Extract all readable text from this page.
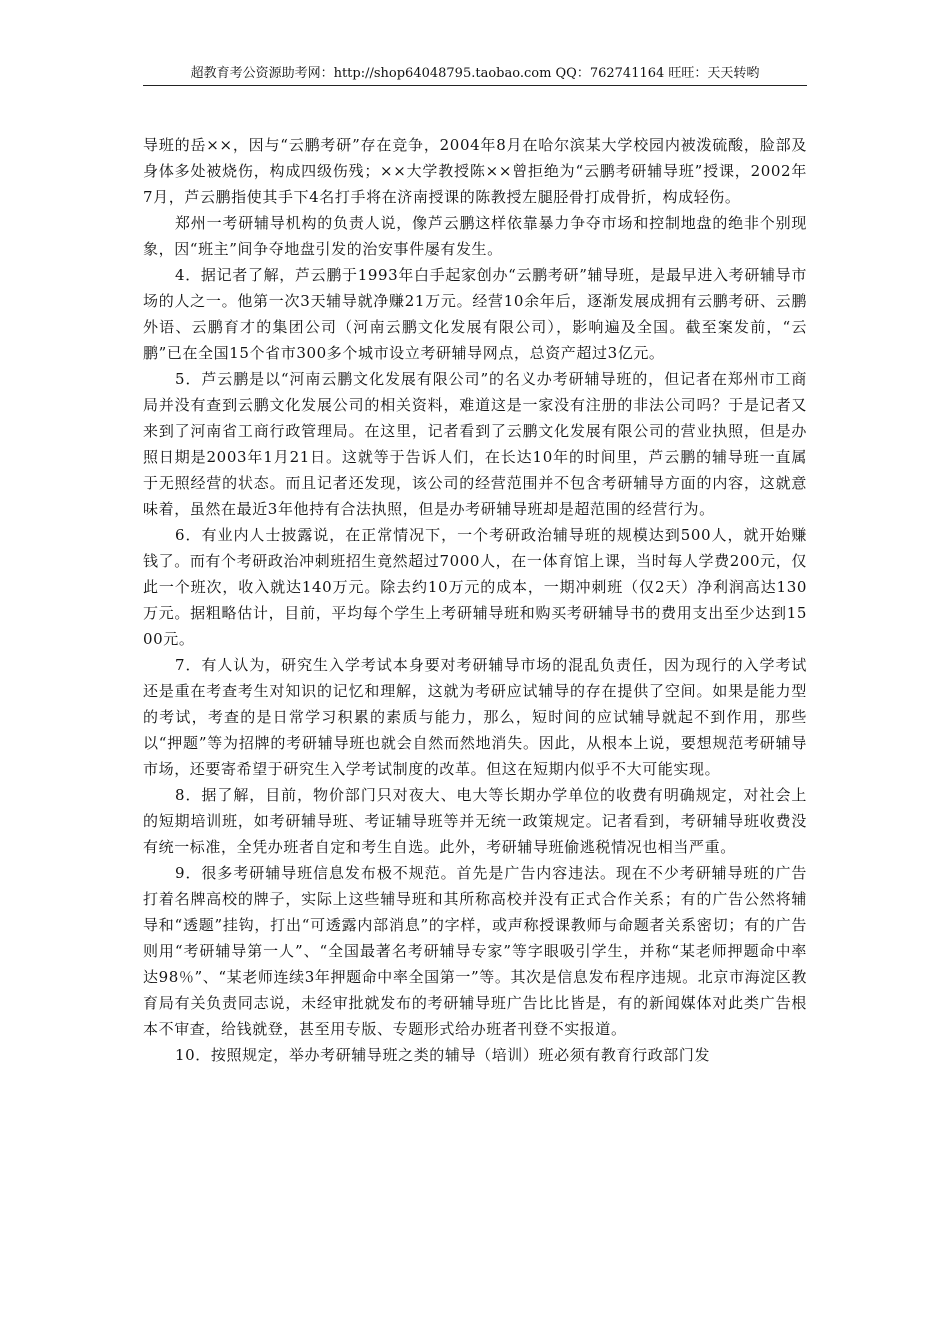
超教育考公资源助考网：http://shop64048795.taobao.com QQ：762741164 旺旺：天天转哟

导班的岳××，因与“云鹏考研”存在竞争，2004年8月在哈尔滨某大学校园内被泼硫酸，脸部及身体多处被烧伤，构成四级伤残；××大学教授陈××曾拒绝为“云鹏考研辅导班”授课，2002年7月，芦云鹏指使其手下4名打手将在济南授课的陈教授左腿胫骨打成骨折，构成轻伤。

郑州一考研辅导机构的负责人说，像芦云鹏这样依靠暴力争夺市场和控制地盘的绝非个别现象，因“班主”间争夺地盘引发的治安事件屡有发生。

4．据记者了解，芦云鹏于1993年白手起家创办“云鹏考研”辅导班，是最早进入考研辅导市场的人之一。他第一次3天辅导就净赚21万元。经营10余年后，逐渐发展成拥有云鹏考研、云鹏外语、云鹏育才的集团公司（河南云鹏文化发展有限公司），影响遍及全国。截至案发前，“云鹏”已在全国15个省市300多个城市设立考研辅导网点，总资产超过3亿元。

5．芦云鹏是以“河南云鹏文化发展有限公司”的名义办考研辅导班的，但记者在郑州市工商局并没有查到云鹏文化发展公司的相关资料，难道这是一家没有注册的非法公司吗？于是记者又来到了河南省工商行政管理局。在这里，记者看到了云鹏文化发展有限公司的营业执照，但是办照日期是2003年1月21日。这就等于告诉人们，在长达10年的时间里，芦云鹏的辅导班一直属于无照经营的状态。而且记者还发现，该公司的经营范围并不包含考研辅导方面的内容，这就意味着，虽然在最近3年他持有合法执照，但是办考研辅导班却是超范围的经营行为。

6．有业内人士披露说，在正常情况下，一个考研政治辅导班的规模达到500人，就开始赚钱了。而有个考研政治冲刺班招生竟然超过7000人，在一体育馆上课，当时每人学费200元，仅此一个班次，收入就达140万元。除去约10万元的成本，一期冲刺班（仅2天）净利润高达130万元。据粗略估计，目前，平均每个学生上考研辅导班和购买考研辅导书的费用支出至少达到1500元。

7．有人认为，研究生入学考试本身要对考研辅导市场的混乱负责任，因为现行的入学考试还是重在考查考生对知识的记忆和理解，这就为考研应试辅导的存在提供了空间。如果是能力型的考试，考查的是日常学习积累的素质与能力，那么，短时间的应试辅导就起不到作用，那些以“押题”等为招牌的考研辅导班也就会自然而然地消失。因此，从根本上说，要想规范考研辅导市场，还要寄希望于研究生入学考试制度的改革。但这在短期内似乎不大可能实现。

8．据了解，目前，物价部门只对夜大、电大等长期办学单位的收费有明确规定，对社会上的短期培训班，如考研辅导班、考证辅导班等并无统一政策规定。记者看到，考研辅导班收费没有统一标准，全凭办班者自定和考生自选。此外，考研辅导班偷逃税情况也相当严重。

9．很多考研辅导班信息发布极不规范。首先是广告内容违法。现在不少考研辅导班的广告打着名牌高校的牌子，实际上这些辅导班和其所称高校并没有正式合作关系；有的广告公然将辅导和“透题”挂钩，打出“可透露内部消息”的字样，或声称授课教师与命题者关系密切；有的广告则用“考研辅导第一人”、“全国最著名考研辅导专家”等字眼吸引学生，并称“某老师押题命中率达98％”、“某老师连续3年押题命中率全国第一”等。其次是信息发布程序违规。北京市海淀区教育局有关负责同志说，未经审批就发布的考研辅导班广告比比皆是，有的新闻媒体对此类广告根本不审查，给钱就登，甚至用专版、专题形式给办班者刊登不实报道。

10．按照规定，举办考研辅导班之类的辅导（培训）班必须有教育行政部门发
